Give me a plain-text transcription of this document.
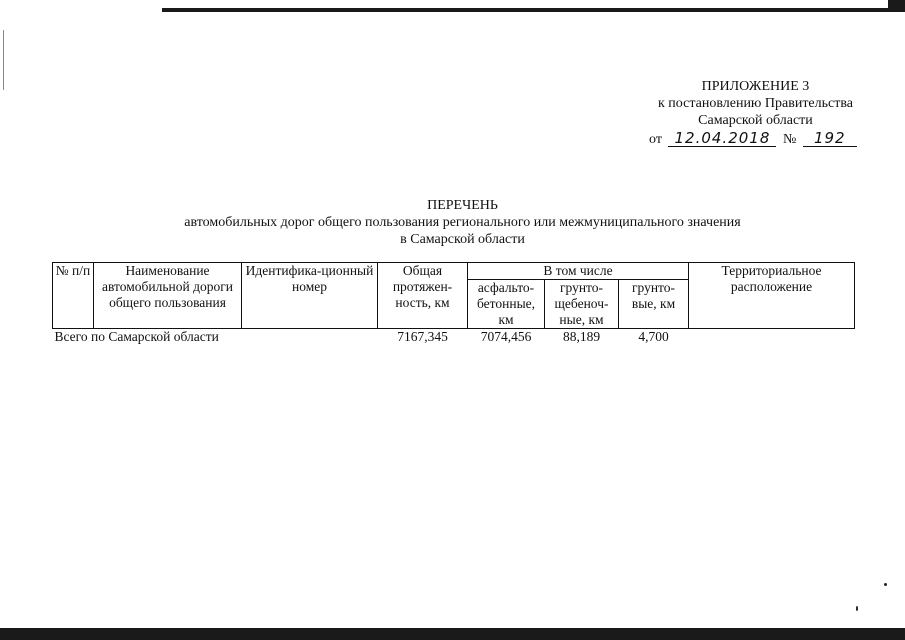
ПРИЛОЖЕНИЕ 3
к постановлению Правительства
Самарской области
от 12.04.2018 № 192
ПЕРЕЧЕНЬ
автомобильных дорог общего пользования регионального или межмуниципального значения
в Самарской области
№ п/п	Наименование автомобильной дороги общего пользования	Идентифика-ционный номер	Общая протяжен-ность, км	В том числе			Территориальное расположение
				асфальто-бетонные, км	грунто-щебеноч-ные, км	грунто-вые, км	
Всего по Самарской области			7167,345	7074,456	88,189	4,700	
